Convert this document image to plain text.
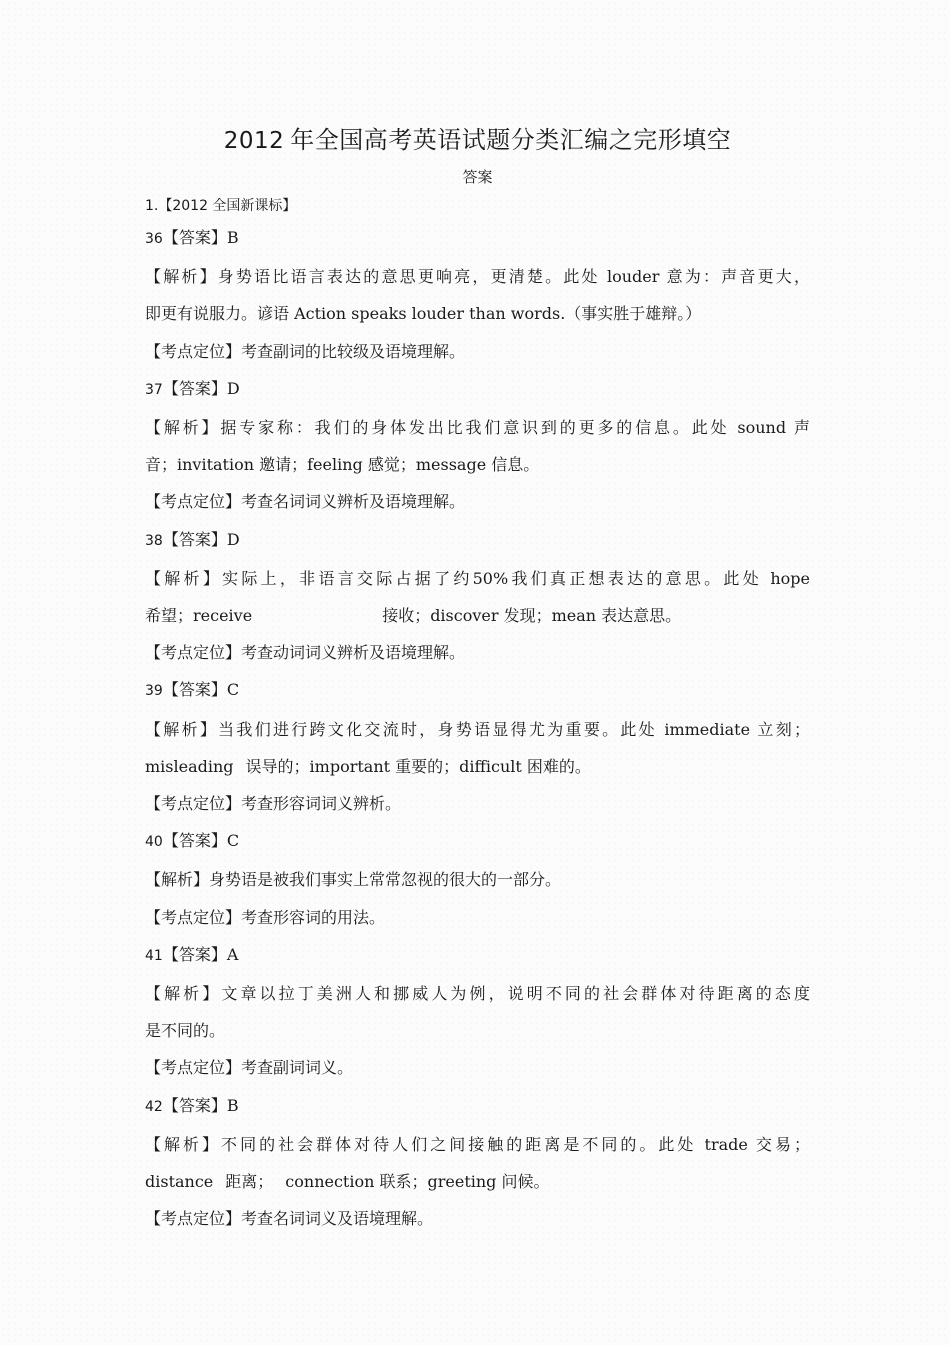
2012 年全国高考英语试题分类汇编之完形填空
答案
1.【2012 全国新课标】
36【答案】B
【解析】身势语比语言表达的意思更响亮，更清楚。此处 louder 意为：声音更大，
即更有说服力。谚语 Action speaks louder than words.（事实胜于雄辩。）
【考点定位】考查副词的比较级及语境理解。
37【答案】D
【解析】据专家称：我们的身体发出比我们意识到的更多的信息。此处 sound 声
音；invitation 邀请；feeling 感觉；message 信息。
【考点定位】考查名词词义辨析及语境理解。
38【答案】D
【解析】实际上，非语言交际占据了约50%我们真正想表达的意思。此处 hope
希望；receive	接收；discover 发现；mean 表达意思。
【考点定位】考查动词词义辨析及语境理解。
39【答案】C
【解析】当我们进行跨文化交流时，身势语显得尤为重要。此处 immediate 立刻；
misleading 误导的；important 重要的；difficult 困难的。
【考点定位】考查形容词词义辨析。
40【答案】C
【解析】身势语是被我们事实上常常忽视的很大的一部分。
【考点定位】考查形容词的用法。
41【答案】A
【解析】文章以拉丁美洲人和挪威人为例，说明不同的社会群体对待距离的态度
是不同的。
【考点定位】考查副词词义。
42【答案】B
【解析】不同的社会群体对待人们之间接触的距离是不同的。此处 trade 交易；
distance 距离； connection 联系；greeting 问候。
【考点定位】考查名词词义及语境理解。
